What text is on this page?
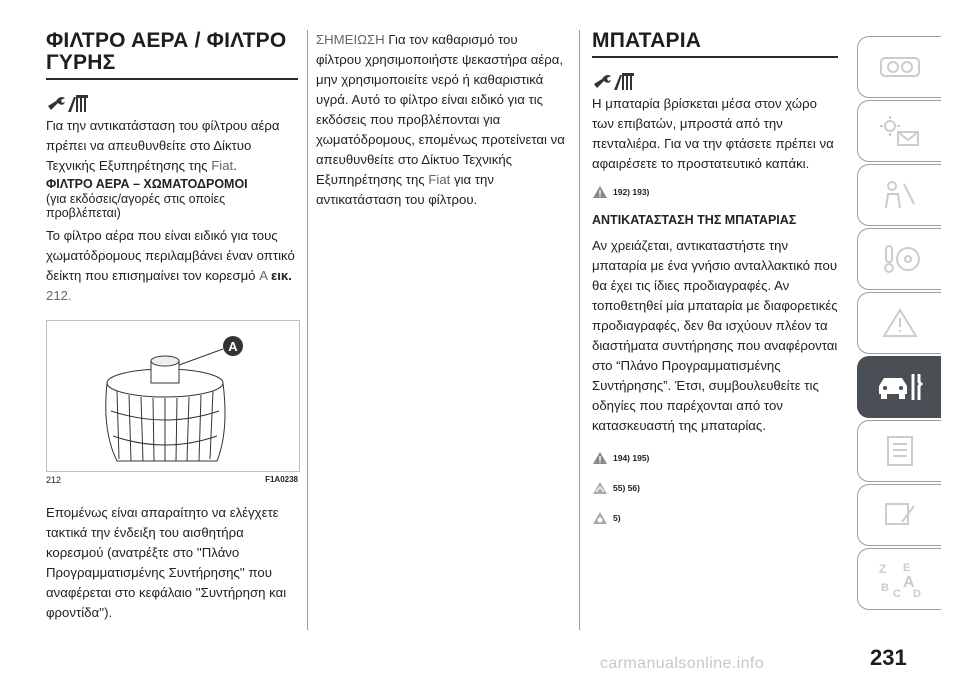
ΦΙΛΤΡΟ ΑΕΡΑ / ΦΙΛΤΡΟ ΓΥΡΗΣ

Για την αντικατάσταση του φίλτρου αέρα πρέπει να απευθυνθείτε στο Δίκτυο Τεχνικής Εξυπηρέτησης της Fiat.

ΦΙΛΤΡΟ ΑΕΡΑ – ΧΩΜΑΤΟΔΡΟΜΟΙ

(για εκδόσεις/αγορές στις οποίες προβλέπεται)

Το φίλτρο αέρα που είναι ειδικό για τους χωματόδρομους περιλαμβάνει έναν οπτικό δείκτη που επισημαίνει τον κορεσμό A εικ. 212.

A
212	F1A0238

Επομένως είναι απαραίτητο να ελέγχετε τακτικά την ένδειξη του αισθητήρα κορεσμού (ανατρέξτε στο ''Πλάνο Προγραμματισμένης Συντήρησης'' που αναφέρεται στο κεφάλαιο ''Συντήρηση και φροντίδα'').

ΣΗΜΕΙΩΣΗ Για τον καθαρισμό του φίλτρου χρησιμοποιήστε ψεκαστήρα αέρα, μην χρησιμοποιείτε νερό ή καθαριστικά υγρά. Αυτό το φίλτρο είναι ειδικό για τις εκδόσεις που προβλέπονται για χωματόδρομους, επομένως προτείνεται να απευθυνθείτε στο Δίκτυο Τεχνικής Εξυπηρέτησης της Fiat για την αντικατάσταση του φίλτρου.

ΜΠΑΤΑΡΙΑ

Η μπαταρία βρίσκεται μέσα στον χώρο των επιβατών, μπροστά από την πενταλιέρα. Για να την φτάσετε πρέπει να αφαιρέσετε το προστατευτικό καπάκι.

192) 193)

ΑΝΤΙΚΑΤΑΣΤΑΣΗ ΤΗΣ ΜΠΑΤΑΡΙΑΣ

Αν χρειάζεται, αντικαταστήστε την μπαταρία με ένα γνήσιο ανταλλακτικό που θα έχει τις ίδιες προδιαγραφές. Αν τοποθετηθεί μία μπαταρία με διαφορετικές προδιαγραφές, δεν θα ισχύουν πλέον τα διαστήματα συντήρησης που αναφέρονται στο “Πλάνο Προγραμματισμένης Συντήρησης”. Έτσι, συμβουλευθείτε τις οδηγίες που παρέχονται από τον κατασκευαστή της μπαταρίας.

194) 195)
55) 56)
5)
Z E
B A
C D
231
carmanualsonline.info
